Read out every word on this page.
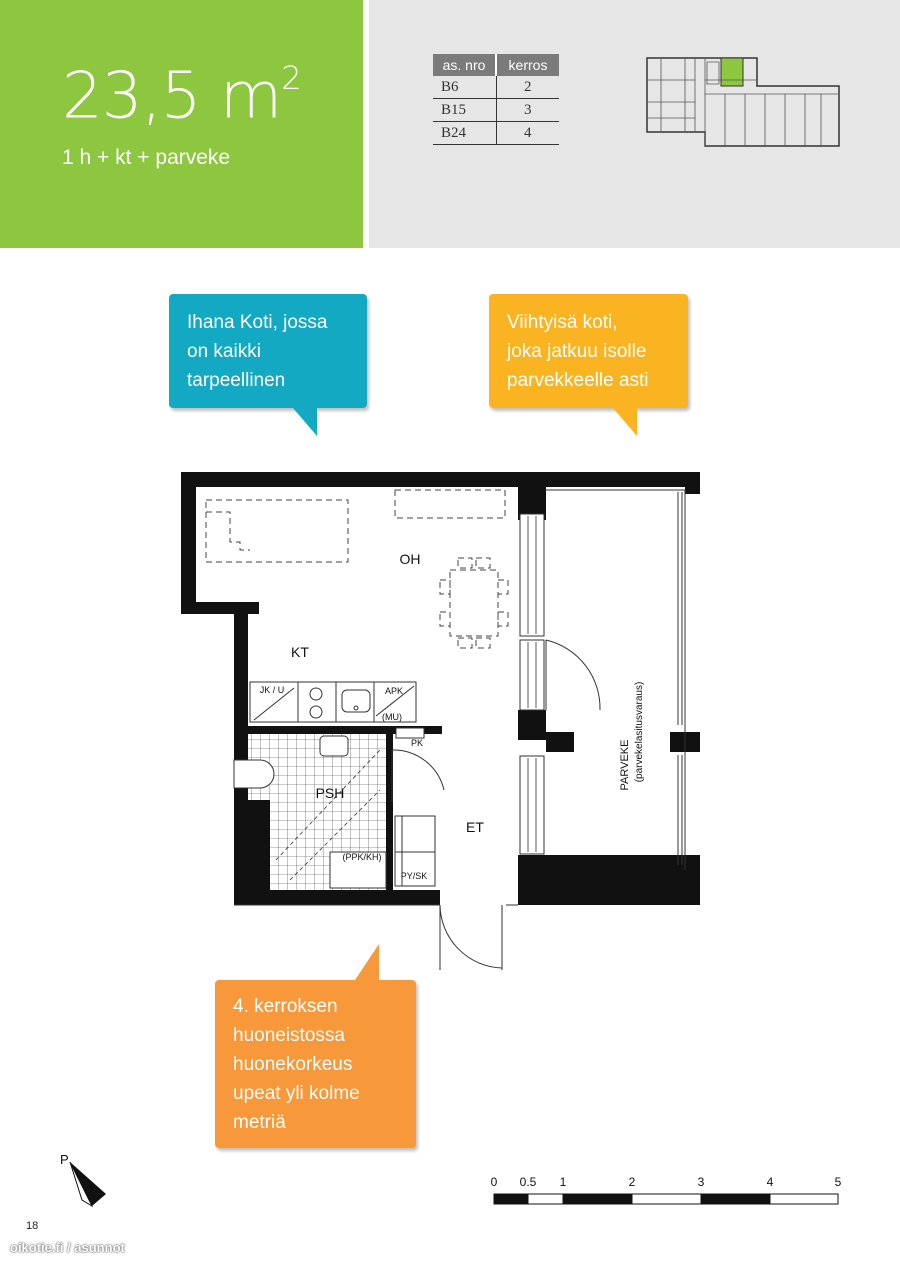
23,5 $m^2$
1 h + kt + parveke
as. nro	kerros
B6	2
B15	3
B24	4
Ihana Koti, jossa
on kaikki
tarpeellinen
Viihtyisä koti,
joka jatkuu isolle
parvekkeelle asti
4. kerroksen
huoneistossa
huonekorkeus
upeat yli kolme
metriä
OH
KT
PSH
ET
JK / U	APK
(MU)
PK
(PPK/KH)
PY/SK
PARVEKE (parvekelasitusvaraus)
P
0 0.5 1	2	3	4	5
18
oikotie.fi / asunnot
